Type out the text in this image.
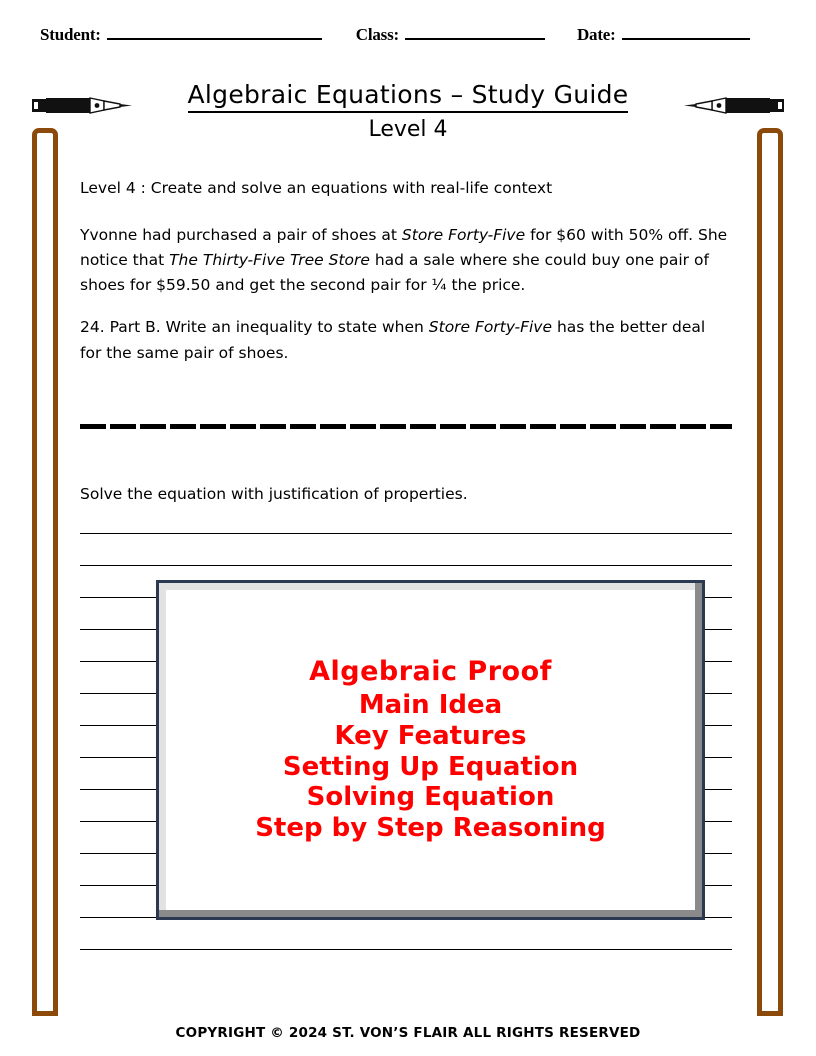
Student:	Class:	Date:
Algebraic Equations – Study Guide
Level 4

Level 4 : Create and solve an equations with real-life context

Yvonne had purchased a pair of shoes at Store Forty-Five for $60 with 50% off. She notice that The Thirty-Five Tree Store had a sale where she could buy one pair of shoes for $59.50 and get the second pair for ¼ the price.

24. Part B. Write an inequality to state when Store Forty-Five has the better deal for the same pair of shoes.

Solve the equation with justification of properties.
Algebraic Proof
Main Idea
Key Features
Setting Up Equation
Solving Equation
Step by Step Reasoning
COPYRIGHT © 2024 ST. VON’S FLAIR ALL RIGHTS RESERVED
